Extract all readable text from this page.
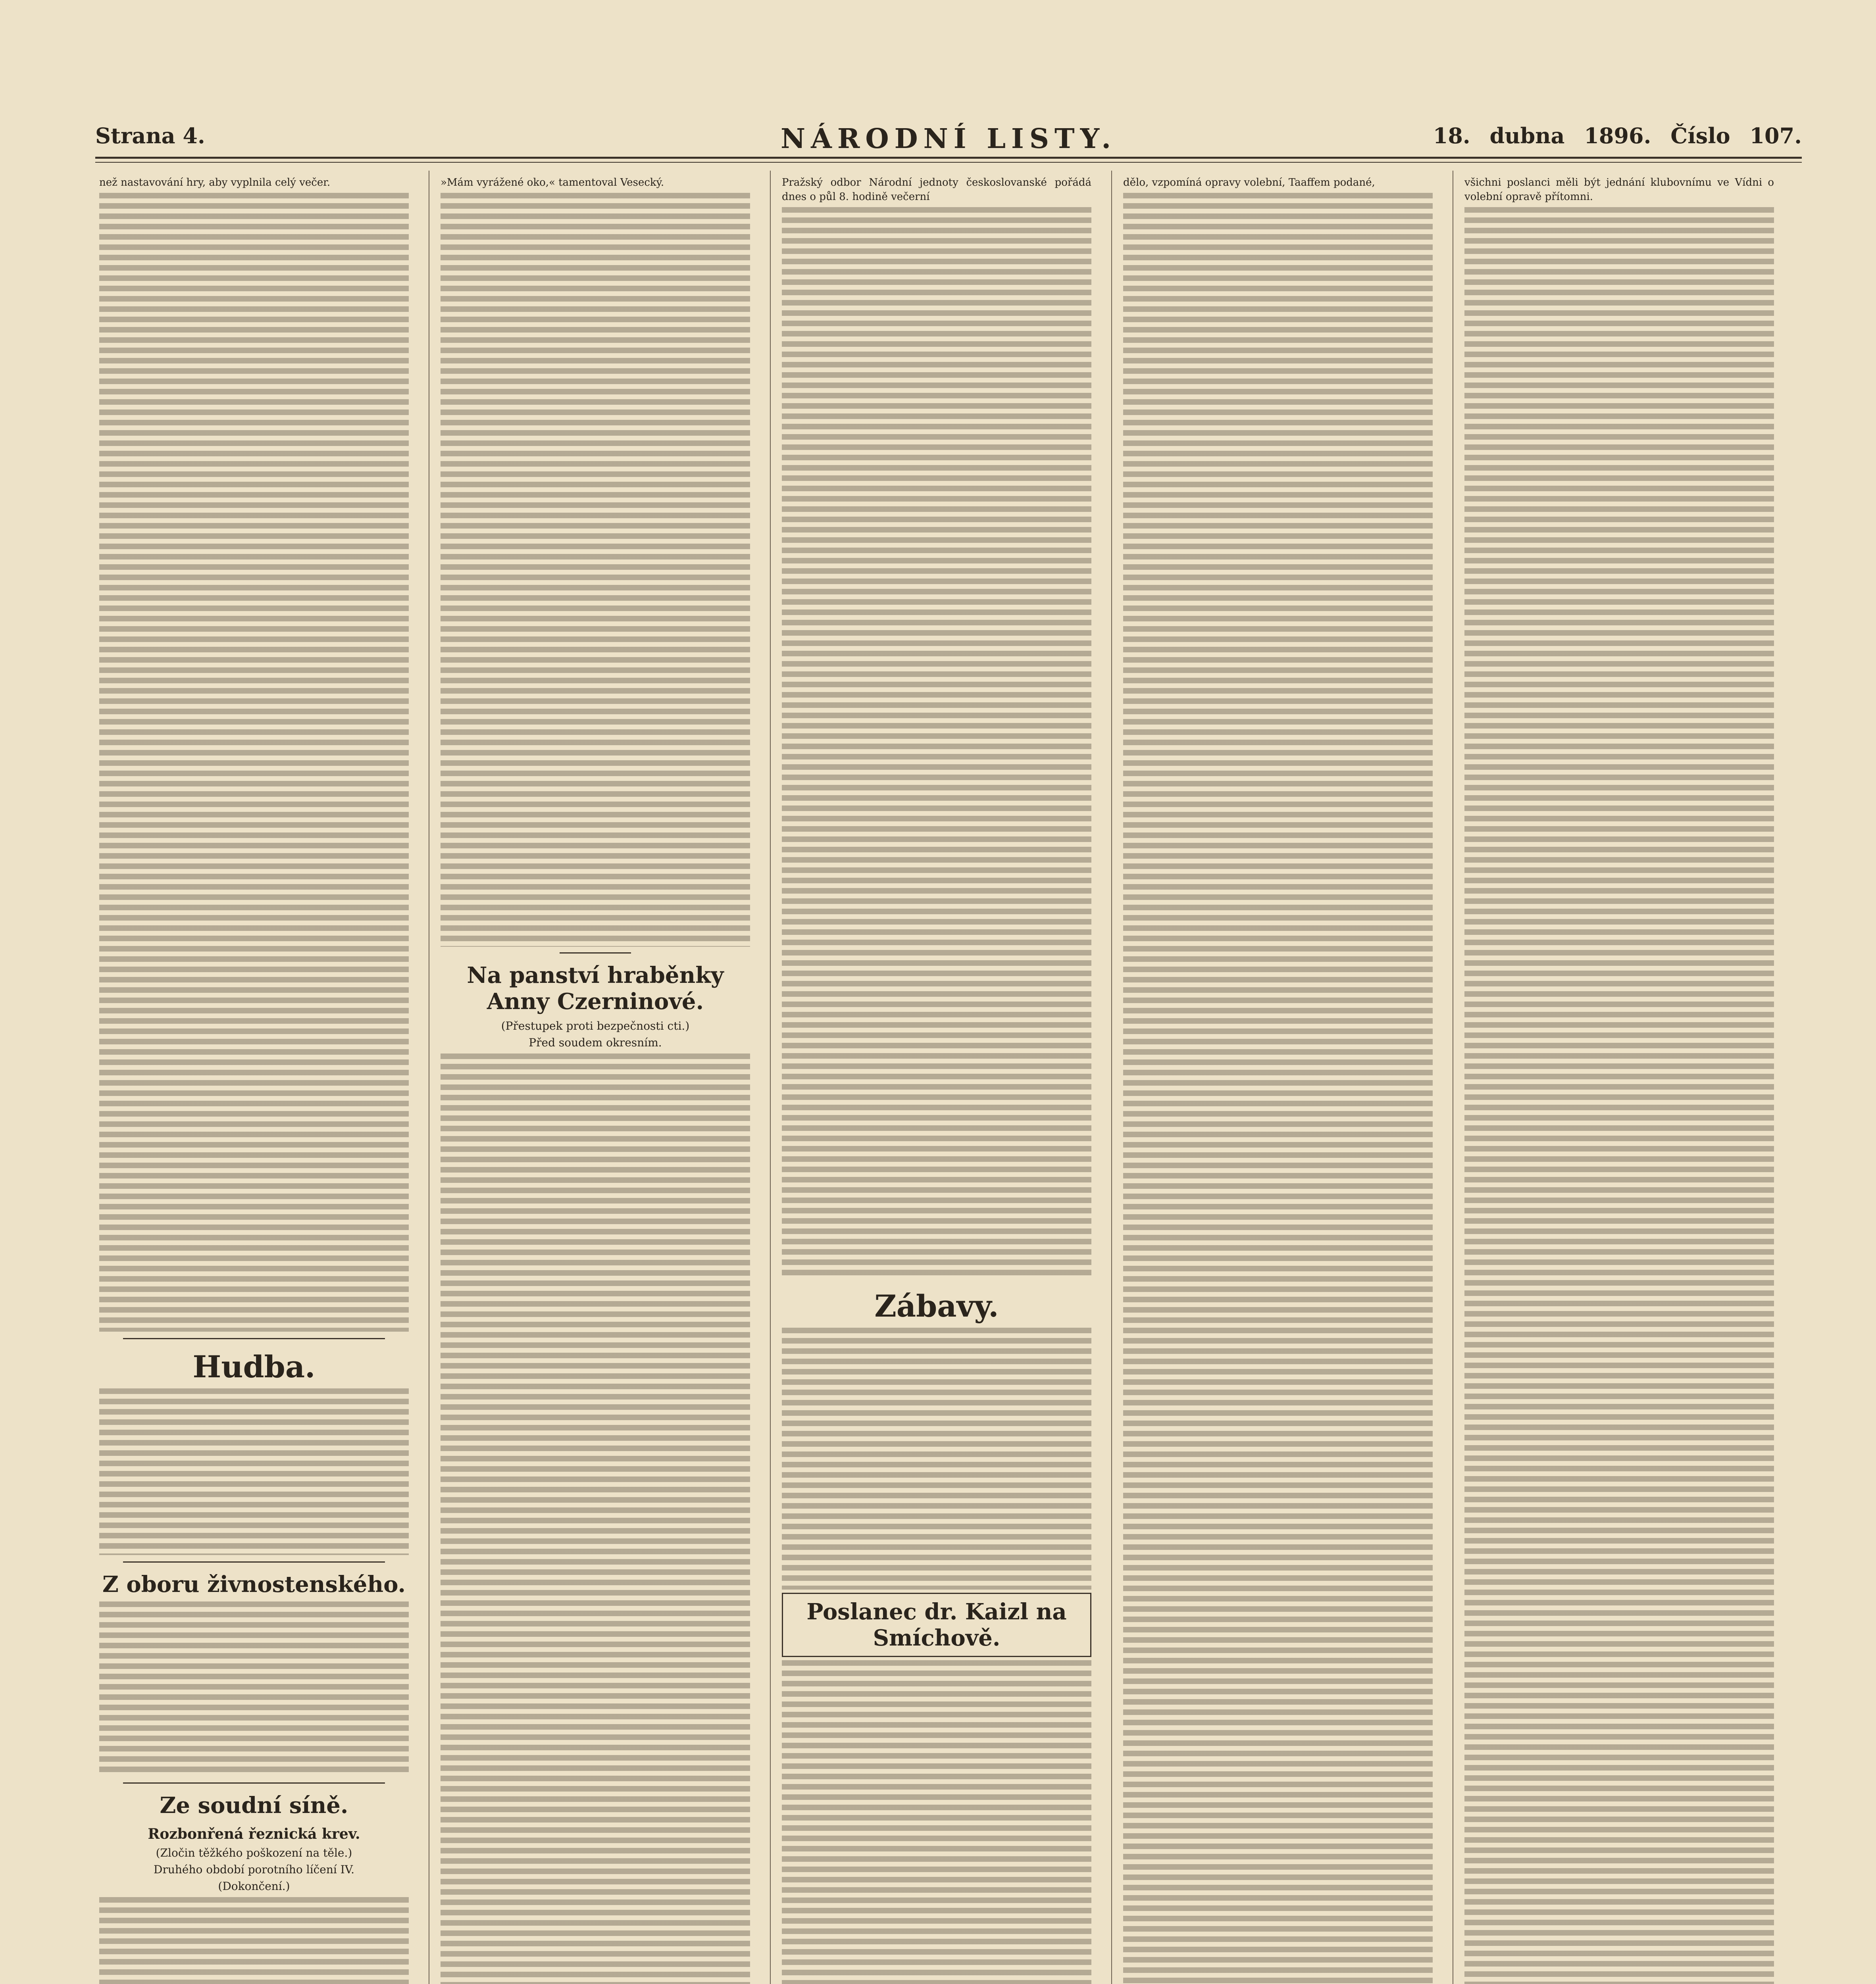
Strana 4.	NÁRODNÍ LISTY.	18. dubna 1896. Číslo 107.
než nastavování hry, aby vyplnila celý večer.
Hudba.
Z oboru živnostenského.
Ze soudní síně.
Rozbonřená řeznická krev.
(Zločin těžkého poškození na těle.)
Druhého období porotního líčení IV.
(Dokončení.)
»Mám vyrážené oko,« tamentoval Vesecký.
Na panství hraběnky Anny Czerninové.
(Přestupek proti bezpečnosti cti.)
Před soudem okresním.
Pražský odbor Národní jednoty českoslovanské pořádá dnes o půl 8. hodině večerní
Zábavy.
Poslanec dr. Kaizl na Smíchově.
dělo, vzpomíná opravy volební, Taaffem podané,	všichni poslanci měli být jednání klubovnímu ve Vídni o volební opravě přítomni.
